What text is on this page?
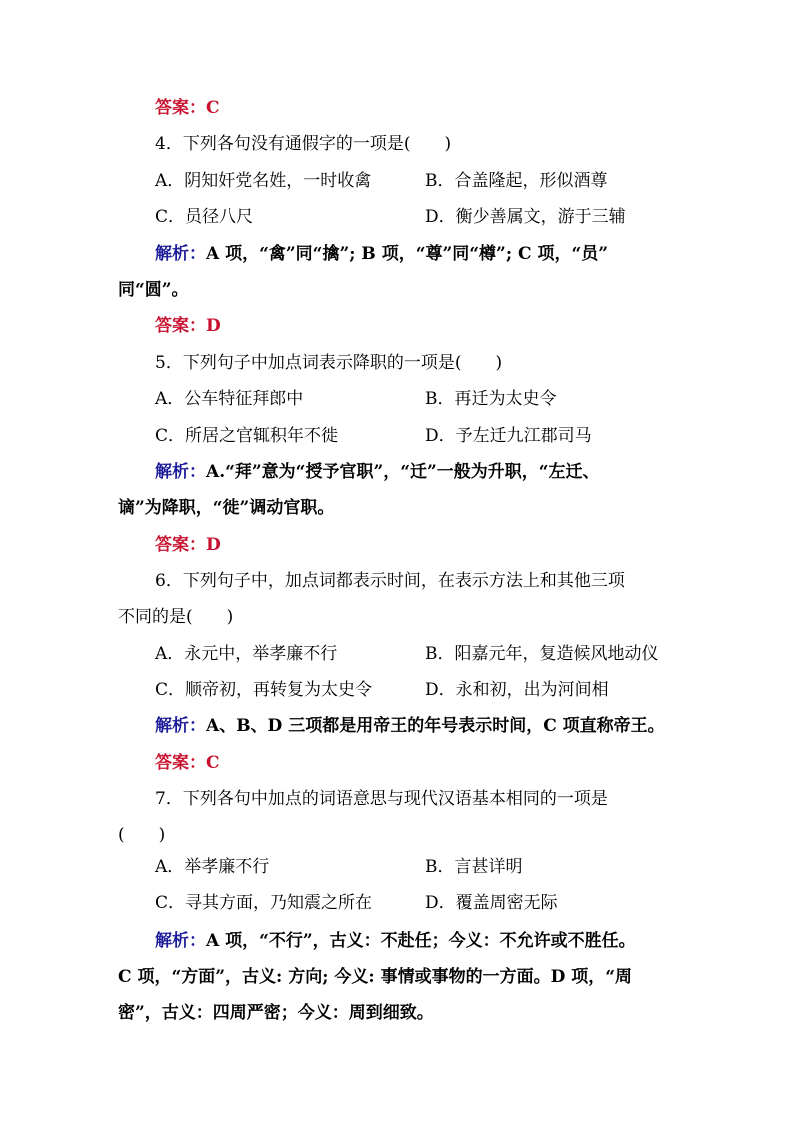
答案：C
4．下列各句没有通假字的一项是(　　)
A．阴知奸党名姓，一时收禽	B．合盖隆起，形似酒尊
C．员径八尺	D．衡少善属文，游于三辅
解析：A 项，“禽”同“擒”; B 项，“尊”同“樽”; C 项，“员”
同“圆”。
答案：D
5．下列句子中加点词表示降职的一项是(　　)
A．公车特征拜郎中	B．再迁为太史令
C．所居之官辄积年不徙	D．予左迁九江郡司马
解析：A.“拜”意为“授予官职”，“迁”一般为升职，“左迁、
谪”为降职，“徙”调动官职。
答案：D
6．下列句子中，加点词都表示时间，在表示方法上和其他三项
不同的是(　　)
A．永元中，举孝廉不行	B．阳嘉元年，复造候风地动仪
C．顺帝初，再转复为太史令	D．永和初，出为河间相
解析：A、B、D 三项都是用帝王的年号表示时间，C 项直称帝王。
答案：C
7．下列各句中加点的词语意思与现代汉语基本相同的一项是
(　　)
A．举孝廉不行	B．言甚详明
C．寻其方面，乃知震之所在	D．覆盖周密无际
解析：A 项，“不行”，古义：不赴任；今义：不允许或不胜任。
C 项，“方面”，古义: 方向; 今义: 事情或事物的一方面。D 项，“周
密”，古义：四周严密；今义：周到细致。
